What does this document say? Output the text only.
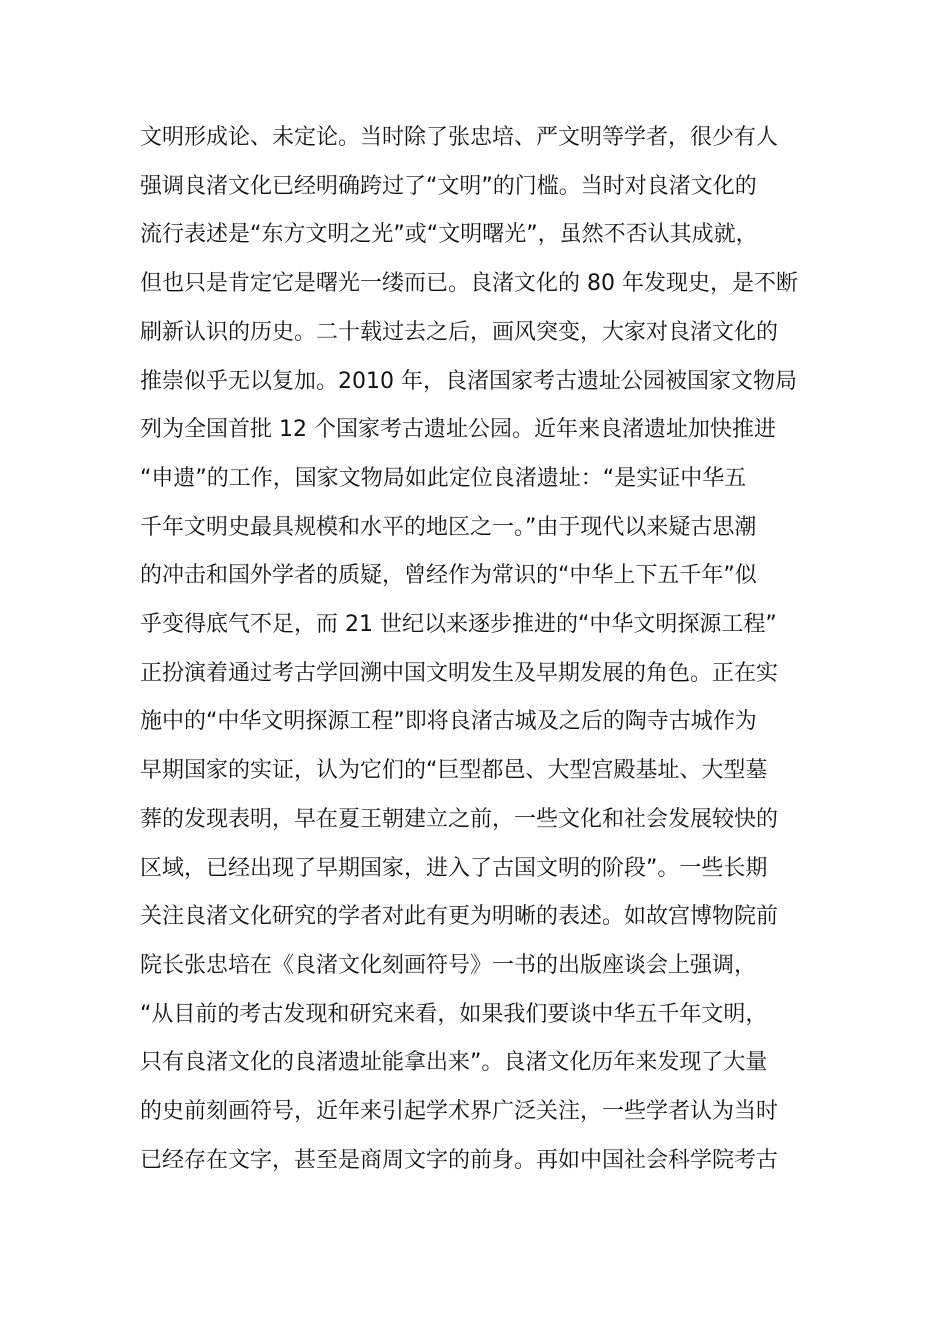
文明形成论、未定论。当时除了张忠培、严文明等学者，很少有人
强调良渚文化已经明确跨过了“文明”的门槛。当时对良渚文化的
流行表述是“东方文明之光”或“文明曙光”，虽然不否认其成就，
但也只是肯定它是曙光一缕而已。良渚文化的 80 年发现史，是不断
刷新认识的历史。二十载过去之后，画风突变，大家对良渚文化的
推崇似乎无以复加。2010 年，良渚国家考古遗址公园被国家文物局
列为全国首批 12 个国家考古遗址公园。近年来良渚遗址加快推进
“申遗”的工作，国家文物局如此定位良渚遗址：“是实证中华五
千年文明史最具规模和水平的地区之一。”由于现代以来疑古思潮
的冲击和国外学者的质疑，曾经作为常识的“中华上下五千年”似
乎变得底气不足，而 21 世纪以来逐步推进的“中华文明探源工程”
正扮演着通过考古学回溯中国文明发生及早期发展的角色。正在实
施中的“中华文明探源工程”即将良渚古城及之后的陶寺古城作为
早期国家的实证，认为它们的“巨型都邑、大型宫殿基址、大型墓
葬的发现表明，早在夏王朝建立之前，一些文化和社会发展较快的
区域，已经出现了早期国家，进入了古国文明的阶段”。一些长期
关注良渚文化研究的学者对此有更为明晰的表述。如故宫博物院前
院长张忠培在《良渚文化刻画符号》一书的出版座谈会上强调，
“从目前的考古发现和研究来看，如果我们要谈中华五千年文明，
只有良渚文化的良渚遗址能拿出来”。良渚文化历年来发现了大量
的史前刻画符号，近年来引起学术界广泛关注，一些学者认为当时
已经存在文字，甚至是商周文字的前身。再如中国社会科学院考古
